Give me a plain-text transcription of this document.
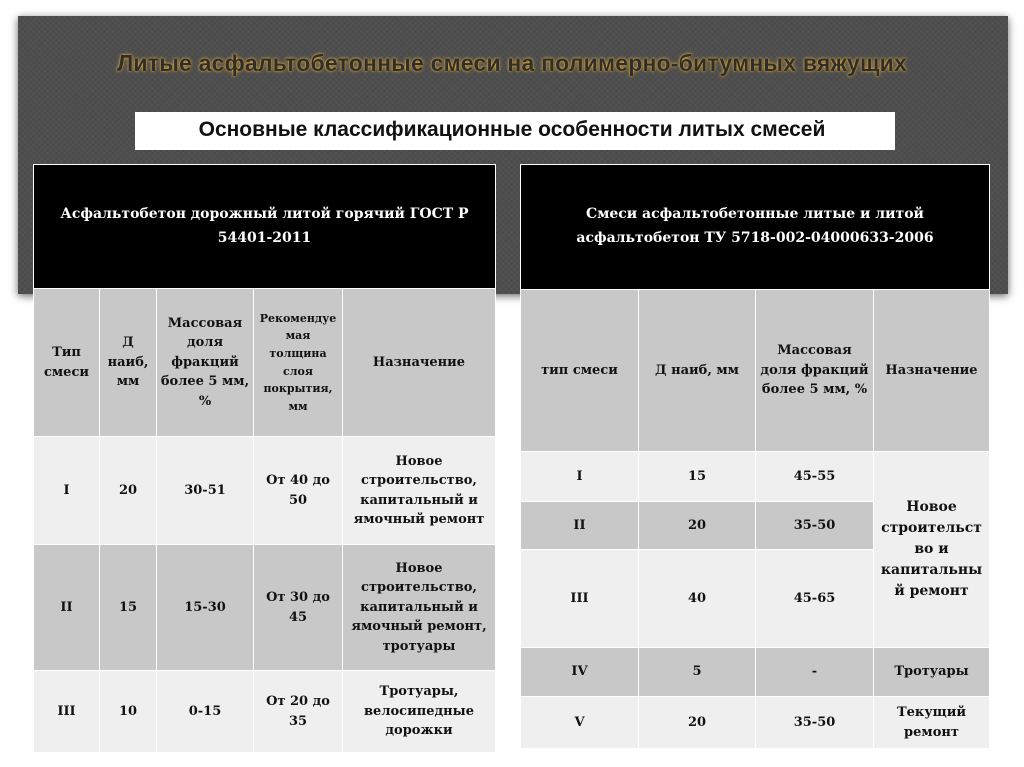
Литые асфальтобетонные смеси на полимерно-битумных вяжущих
Основные классификационные особенности литых смесей
Асфальтобетон дорожный литой горячий ГОСТ Р 54401-2011				
Тип смеси	Д наиб, мм	Массовая доля фракций более 5 мм, %	Рекомендуемая толщина слоя покрытия, мм	Назначение
I	20	30-51	От 40 до 50	Новое строительство, капитальный и ямочный ремонт
II	15	15-30	От 30 до 45	Новое строительство, капитальный и ямочный ремонт, тротуары
III	10	0-15	От 20 до 35	Тротуары, велосипедные дорожки
Смеси асфальтобетонные литые и литой асфальтобетон ТУ 5718-002-04000633-2006			
тип смеси	Д наиб, мм	Массовая доля фракций более 5 мм, %	Назначение
I	15	45-55	Новое строительство и капитальный ремонт
II	20	35-50	
III	40	45-65	
IV	5	-	Тротуары
V	20	35-50	Текущий ремонт
